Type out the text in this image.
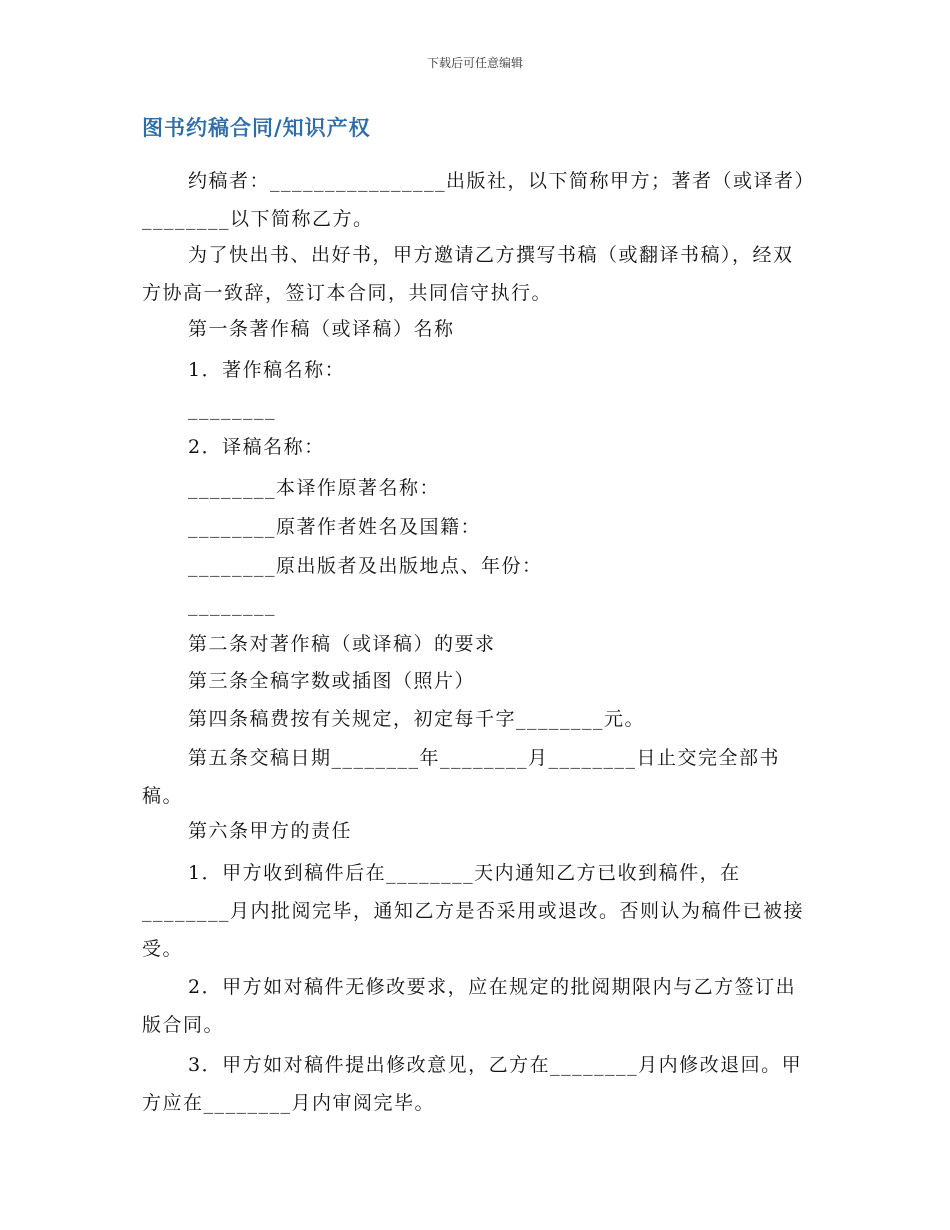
下载后可任意编辑
图书约稿合同/知识产权
约稿者：________________出版社，以下简称甲方；著者（或译者）________以下简称乙方。
为了快出书、出好书，甲方邀请乙方撰写书稿（或翻译书稿），经双方协高一致辞，签订本合同，共同信守执行。
第一条著作稿（或译稿）名称
1．著作稿名称：
________
2．译稿名称：
________本译作原著名称：
________原著作者姓名及国籍：
________原出版者及出版地点、年份：
________
第二条对著作稿（或译稿）的要求
第三条全稿字数或插图（照片）
第四条稿费按有关规定，初定每千字________元。
第五条交稿日期________年________月________日止交完全部书稿。
第六条甲方的责任
1．甲方收到稿件后在________天内通知乙方已收到稿件，在________月内批阅完毕，通知乙方是否采用或退改。否则认为稿件已被接受。
2．甲方如对稿件无修改要求，应在规定的批阅期限内与乙方签订出版合同。
3．甲方如对稿件提出修改意见，乙方在________月内修改退回。甲方应在________月内审阅完毕。
